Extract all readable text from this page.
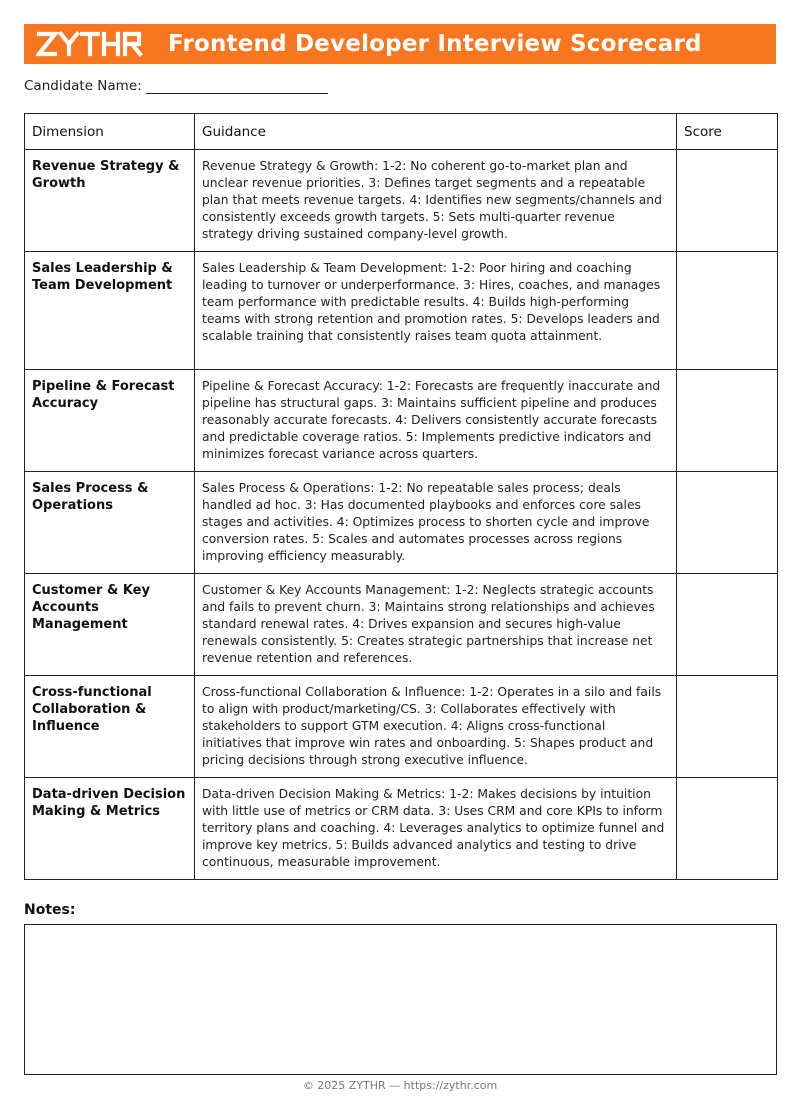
Frontend Developer Interview Scorecard
Candidate Name:
Dimension	Guidance	Score
Revenue Strategy & Growth	Revenue Strategy & Growth: 1-2: No coherent go-to-market plan and unclear revenue priorities. 3: Defines target segments and a repeatable plan that meets revenue targets. 4: Identifies new segments/channels and consistently exceeds growth targets. 5: Sets multi-quarter revenue strategy driving sustained company-level growth.	
Sales Leadership & Team Development	Sales Leadership & Team Development: 1-2: Poor hiring and coaching leading to turnover or underperformance. 3: Hires, coaches, and manages team performance with predictable results. 4: Builds high-performing teams with strong retention and promotion rates. 5: Develops leaders and scalable training that consistently raises team quota attainment.	
Pipeline & Forecast Accuracy	Pipeline & Forecast Accuracy: 1-2: Forecasts are frequently inaccurate and pipeline has structural gaps. 3: Maintains sufficient pipeline and produces reasonably accurate forecasts. 4: Delivers consistently accurate forecasts and predictable coverage ratios. 5: Implements predictive indicators and minimizes forecast variance across quarters.	
Sales Process & Operations	Sales Process & Operations: 1-2: No repeatable sales process; deals handled ad hoc. 3: Has documented playbooks and enforces core sales stages and activities. 4: Optimizes process to shorten cycle and improve conversion rates. 5: Scales and automates processes across regions improving efficiency measurably.	
Customer & Key Accounts Management	Customer & Key Accounts Management: 1-2: Neglects strategic accounts and fails to prevent churn. 3: Maintains strong relationships and achieves standard renewal rates. 4: Drives expansion and secures high-value renewals consistently. 5: Creates strategic partnerships that increase net revenue retention and references.	
Cross-functional Collaboration & Influence	Cross-functional Collaboration & Influence: 1-2: Operates in a silo and fails to align with product/marketing/CS. 3: Collaborates effectively with stakeholders to support GTM execution. 4: Aligns cross-functional initiatives that improve win rates and onboarding. 5: Shapes product and pricing decisions through strong executive influence.	
Data-driven Decision Making & Metrics	Data-driven Decision Making & Metrics: 1-2: Makes decisions by intuition with little use of metrics or CRM data. 3: Uses CRM and core KPIs to inform territory plans and coaching. 4: Leverages analytics to optimize funnel and improve key metrics. 5: Builds advanced analytics and testing to drive continuous, measurable improvement.	
Notes:
© 2025 ZYTHR — https://zythr.com
